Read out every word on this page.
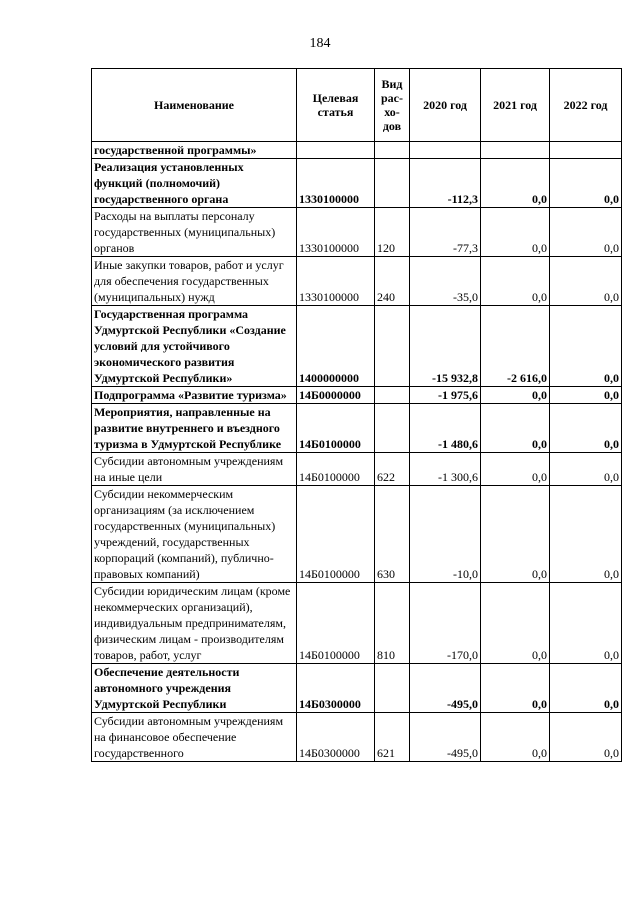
184
Наименование	Целевая статья	Вид рас-хо-дов	2020 год	2021 год	2022 год
государственной программы»					
Реализация установленных функций (полномочий) государственного органа	1330100000		-112,3	0,0	0,0
Расходы на выплаты персоналу государственных (муниципальных) органов	1330100000	120	-77,3	0,0	0,0
Иные закупки товаров, работ и услуг для обеспечения государственных (муниципальных) нужд	1330100000	240	-35,0	0,0	0,0
Государственная программа Удмуртской Республики «Создание условий для устойчивого экономического развития Удмуртской Республики»	1400000000		-15 932,8	-2 616,0	0,0
Подпрограмма «Развитие туризма»	14Б0000000		-1 975,6	0,0	0,0
Мероприятия, направленные на развитие внутреннего и въездного туризма в Удмуртской Республике	14Б0100000		-1 480,6	0,0	0,0
Субсидии автономным учреждениям на иные цели	14Б0100000	622	-1 300,6	0,0	0,0
Субсидии некоммерческим организациям (за исключением государственных (муниципальных) учреждений, государственных корпораций (компаний), публично-правовых компаний)	14Б0100000	630	-10,0	0,0	0,0
Субсидии юридическим лицам (кроме некоммерческих организаций), индивидуальным предпринимателям, физическим лицам - производителям товаров, работ, услуг	14Б0100000	810	-170,0	0,0	0,0
Обеспечение деятельности автономного учреждения Удмуртской Республики	14Б0300000		-495,0	0,0	0,0
Субсидии автономным учреждениям на финансовое обеспечение государственного	14Б0300000	621	-495,0	0,0	0,0
